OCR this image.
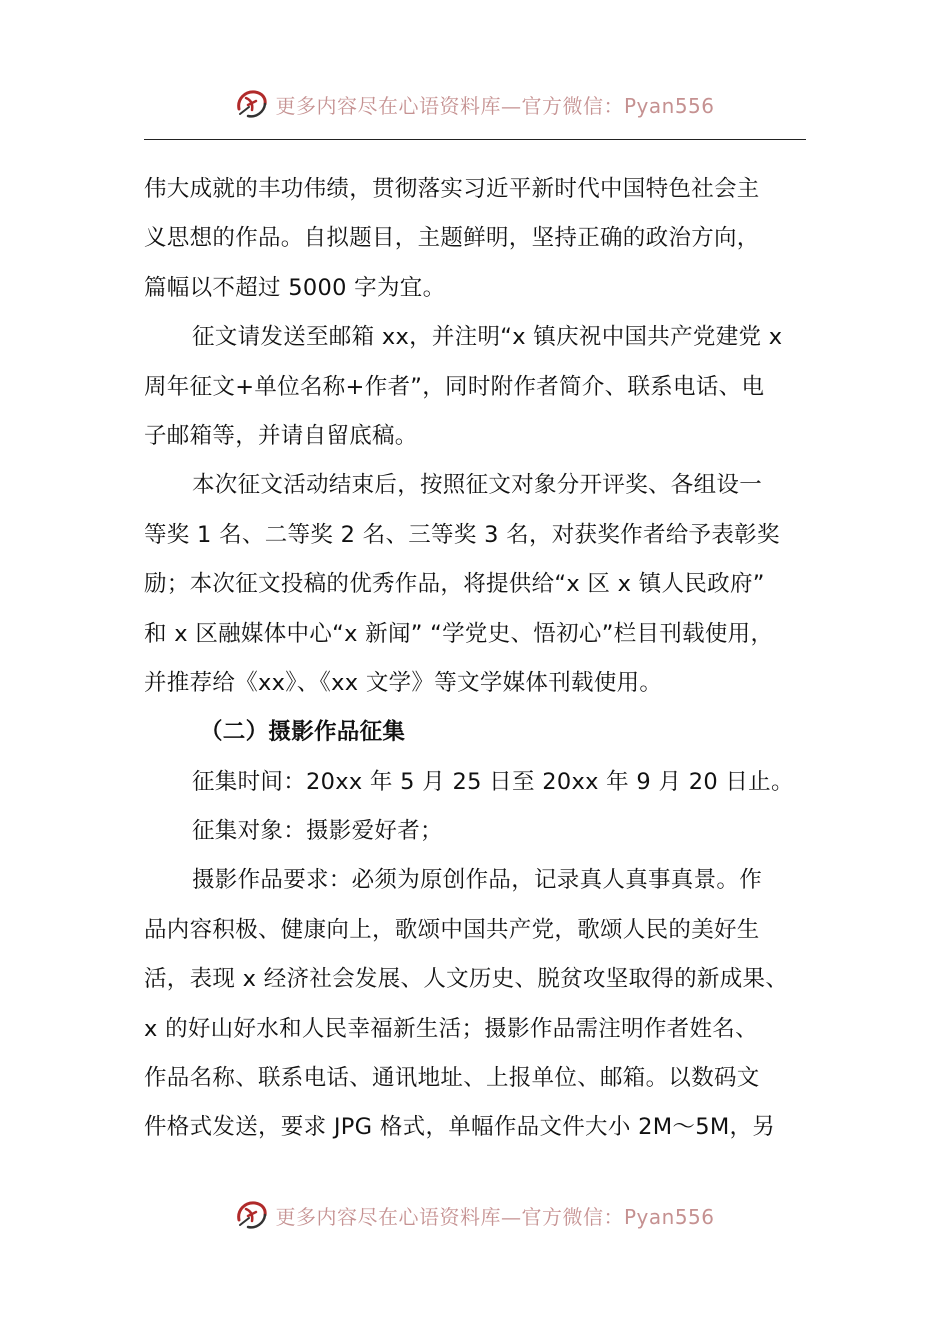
更多内容尽在心语资料库—官方微信：Pyan556
伟大成就的丰功伟绩，贯彻落实习近平新时代中国特色社会主
义思想的作品。自拟题目，主题鲜明，坚持正确的政治方向，
篇幅以不超过 5000 字为宜。
征文请发送至邮箱 xx，并注明“x 镇庆祝中国共产党建党 x
周年征文+单位名称+作者”，同时附作者简介、联系电话、电
子邮箱等，并请自留底稿。
本次征文活动结束后，按照征文对象分开评奖、各组设一
等奖 1 名、二等奖 2 名、三等奖 3 名，对获奖作者给予表彰奖
励；本次征文投稿的优秀作品，将提供给“x 区 x 镇人民政府”
和 x 区融媒体中心“x 新闻” “学党史、悟初心”栏目刊载使用，
并推荐给《xx》、《xx 文学》等文学媒体刊载使用。
（二）摄影作品征集
征集时间：20xx 年 5 月 25 日至 20xx 年 9 月 20 日止。
征集对象：摄影爱好者；
摄影作品要求：必须为原创作品，记录真人真事真景。作
品内容积极、健康向上，歌颂中国共产党，歌颂人民的美好生
活，表现 x 经济社会发展、人文历史、脱贫攻坚取得的新成果、
x 的好山好水和人民幸福新生活；摄影作品需注明作者姓名、
作品名称、联系电话、通讯地址、上报单位、邮箱。以数码文
件格式发送，要求 JPG 格式，单幅作品文件大小 2M～5M，另
更多内容尽在心语资料库—官方微信：Pyan556
